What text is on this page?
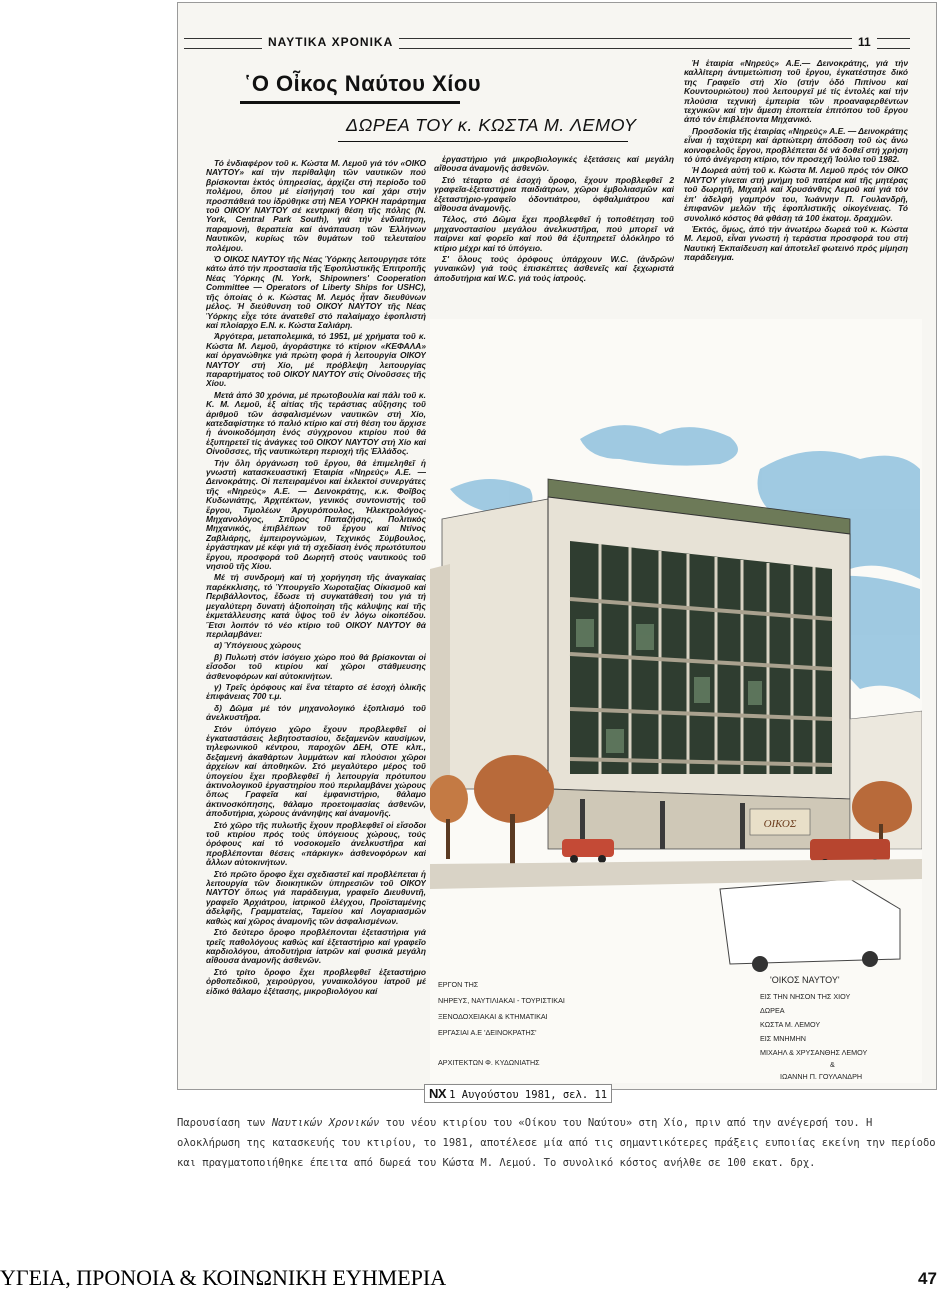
ΝΑΥΤΙΚΑ ΧΡΟΝΙΚΑ	11
῾Ο Οἶκος Ναύτου Χίου
ΔΩΡΕΑ ΤΟΥ κ. ΚΩΣΤΑ Μ. ΛΕΜΟΥ

Τό ἐνδιαφέρον τοῦ κ. Κώστα Μ. Λεμοῦ γιά τόν «ΟΙΚΟ ΝΑΥΤΟΥ» καί τήν περίθαλψη τῶν ναυτικῶν πού βρίσκονται ἐκτός ὑπηρεσίας, ἀρχίζει στή περίοδο τοῦ πολέμου, ὅπου μέ εἰσήγησή του καί χάρι στήν προσπάθειά του ἱδρύθηκε στή ΝΕΑ ΥΟΡΚΗ παράρτημα τοῦ ΟΙΚΟΥ ΝΑΥΤΟΥ σέ κεντρική θέση τῆς πόλης (Ν. York, Central Park South), γιά τήν ἐνδιαίτηση, παραμονή, θεραπεία καί ἀνάπαυση τῶν Ἑλλήνων Ναυτικῶν, κυρίως τῶν θυμάτων τοῦ τελευταίου πολέμου.

Ὁ ΟΙΚΟΣ ΝΑΥΤΟΥ τῆς Νέας Ὑόρκης λειτουργησε τότε κάτω ἀπό τήν προστασία τῆς Ἐφοπλιστικῆς Ἐπιτροπῆς Νέας Ὑόρκης (Ν. York, Shipowners' Cooperation Committee — Operators of Liberty Ships for USHC), τῆς ὁποίας ὁ κ. Κώστας Μ. Λεμός ἦταν διευθύνων μέλος. Ἡ διεύθυνση τοῦ ΟΙΚΟΥ ΝΑΥΤΟΥ τῆς Νέας Ὑόρκης εἶχε τότε ἀνατεθεῖ στό παλαίμαχο ἐφοπλιστή καί πλοίαρχο Ε.Ν. κ. Κώστα Σαλιάρη.

Ἀργότερα, μεταπολεμικά, τό 1951, μέ χρήματα τοῦ κ. Κώστα Μ. Λεμοῦ, ἀγοράστηκε τό κτίριον «ΚΕΦΑΛΑ» καί ὀργανώθηκε γιά πρώτη φορά ἡ λειτουργία ΟΙΚΟΥ ΝΑΥΤΟΥ στή Χίο, μέ πρόβλεψη λειτουργίας παραρτήματος τοῦ ΟΙΚΟΥ ΝΑΥΤΟΥ στίς Οἰνοῦσσες τῆς Χίου.

Μετά ἀπό 30 χρόνια, μέ πρωτοβουλία καί πάλι τοῦ κ. Κ. Μ. Λεμοῦ, ἐξ αἰτίας τῆς τεράστιας αὔξησης τοῦ ἀριθμοῦ τῶν ἀσφαλισμένων ναυτικῶν στή Χίο, κατεδαφίστηκε τό παλιό κτίριο καί στή θέση του ἄρχισε ἡ ἀνοικοδόμηση ἑνός σύγχρονου κτιρίου πού θά ἐξυπηρετεῖ τίς ἀνάγκες τοῦ ΟΙΚΟΥ ΝΑΥΤΟΥ στή Χίο καί Οἰνοῦσσες, τῆς ναυτικώτερη περιοχή τῆς Ἑλλάδος.

Τήν ὅλη ὀργάνωση τοῦ ἔργου, θά ἐπιμεληθεῖ ἡ γνωστή κατασκευαστική Ἑταιρία «Νηρεύς» Α.Ε. — Δεινοκράτης. Οἱ πεπειραμένοι καί ἐκλεκτοί συνεργάτες τῆς «Νηρεύς» Α.Ε. — Δεινοκράτης, κ.κ. Φοῖβος Κυδωνιάτης, Ἀρχιτέκτων, γενικός συντονιστής τοῦ ἔργου, Τιμολέων Ἀργυρόπουλος, Ἠλεκτρολόγος-Μηχανολόγος, Σπῦρος Παπαζήσης, Πολιτικός Μηχανικός, ἐπιβλέπων τοῦ ἔργου καί Ντίνος Ζαβλιάρης, ἐμπειρογνώμων, Τεχνικός Σύμβουλος, ἐργάστηκαν μέ κέφι γιά τή σχεδίαση ἑνός πρωτότυπου ἔργου, προσφορά τοῦ Δωρητῆ στούς ναυτικούς τοῦ νησιοῦ τῆς Χίου.

Μέ τή συνδρομή καί τή χορήγηση τῆς ἀναγκαίας παρέκκλισης, τό Ὑπουργεῖο Χωροταξίας Οἰκισμοῦ καί Περιβάλλοντος, ἔδωσε τή συγκατάθεσή του γιά τή μεγαλύτερη δυνατή ἀξιοποίηση τῆς κάλυψης καί τῆς ἐκμετάλλευσης κατά ὕψος τοῦ ἐν λόγω οἰκοπέδου. Ἔτσι λοιπόν τό νέο κτίριο τοῦ ΟΙΚΟΥ ΝΑΥΤΟΥ θά περιλαμβάνει:

α) Ὑπόγειους χώρους

β) Πυλωτή στόν ἰσόγειο χώρο πού θά βρίσκονται οἱ εἴσοδοι τοῦ κτιρίου καί χῶροι στάθμευσης ἀσθενοφόρων καί αὐτοκινήτων.

γ) Τρεῖς ὀρόφους καί ἕνα τέταρτο σέ ἐσοχή ὁλικῆς ἐπιφάνειας 700 τ.μ.

δ) Δῶμα μέ τόν μηχανολογικό ἐξοπλισμό τοῦ ἀνελκυστῆρα.

Στόν ὑπόγειο χῶρο ἔχουν προβλεφθεῖ οἱ ἐγκαταστάσεις λεβητοστασίου, δεξαμενῶν καυσίμων, τηλεφωνικοῦ κέντρου, παροχῶν ΔΕΗ, ΟΤΕ κλπ., δεξαμενή ἀκαθάρτων λυμμάτων καί πλούσιοι χῶροι ἀρχείων καί ἀποθηκῶν. Στό μεγαλύτερο μέρος τοῦ ὑπογείου ἔχει προβλεφθεῖ ἡ λειτουργία πρότυπου ἀκτινολογικοῦ ἐργαστηρίου πού περιλαμβάνει χώρους ὅπως Γραφεῖα καί ἐμφανιστήριο, θάλαμο ἀκτινοσκόπησης, θάλαμο προετοιμασίας ἀσθενῶν, ἀποδυτήρια, χώρους ἀνάνηψης καί ἀναμονῆς.

Στό χῶρο τῆς πυλωτῆς ἔχουν προβλεφθεῖ οἱ εἴσοδοι τοῦ κτιρίου πρός τούς ὑπόγειους χώρους, τούς ὀρόφους καί τό νοσοκομεῖο ἀνελκυστῆρα καί προβλέπονται θέσεις «πάρκιγκ» ἀσθενοφόρων καί ἄλλων αὐτοκινήτων.

Στό πρῶτο ὄροφο ἔχει σχεδιαστεῖ καί προβλέπεται ἡ λειτουργία τῶν διοικητικῶν ὑπηρεσιῶν τοῦ ΟΙΚΟΥ ΝΑΥΤΟΥ ὅπως γιά παράδειγμα, γραφεῖο Διευθυντῆ, γραφεῖο Ἀρχιάτρου, ἰατρικοῦ ἐλέγχου, Προϊσταμένης ἀδελφῆς, Γραμματείας, Ταμείου καί Λογαριασμῶν καθώς καί χῶρος ἀναμονῆς τῶν ἀσφαλισμένων.

Στό δεύτερο ὄροφο προβλέπονται ἐξεταστήρια γιά τρεῖς παθολόγους καθώς καί ἐξεταστήριο καί γραφεῖο καρδιολόγου, ἀποδυτήρια ἰατρῶν καί φυσικά μεγάλη αἴθουσα ἀναμονῆς ἀσθενῶν.

Στό τρίτο ὄροφο ἔχει προβλεφθεῖ ἐξεταστήριο ὀρθοπεδικοῦ, χειρούργου, γυναικολόγου ἰατροῦ μέ εἰδικό θάλαμο ἐξέτασης, μικροβιολόγου καί

ἐργαστήριο γιά μικροβιολογικές ἐξετάσεις καί μεγάλη αἴθουσα ἀναμονῆς ἀσθενῶν.

Στό τέταρτο σέ ἐσοχή ὄροφο, ἔχουν προβλεφθεῖ 2 γραφεῖα-ἐξεταστήρια παιδιάτρων, χῶροι ἐμβολιασμῶν καί ἐξεταστήριο-γραφεῖο ὀδοντιάτρου, ὀφθαλμιάτρου καί αἴθουσα ἀναμονῆς.

Τέλος, στό Δῶμα ἔχει προβλεφθεῖ ἡ τοποθέτηση τοῦ μηχανοστασίου μεγάλου ἀνελκυστῆρα, πού μπορεῖ νά παίρνει καί φορεῖο καί πού θά ἐξυπηρετεῖ ὁλόκληρο τό κτίριο μέχρι καί τό ὑπόγειο.

Σ' ὅλους τούς ὀρόφους ὑπάρχουν W.C. (ἀνδρῶν/γυναικῶν) γιά τούς ἐπισκέπτες ἀσθενεῖς καί ξεχωριστά ἀποδυτήρια καί W.C. γιά τούς ἰατρούς.

Ἡ ἑταιρία «Νηρεύς» Α.Ε.— Δεινοκράτης, γιά τήν καλλίτερη ἀντιμετώπιση τοῦ ἔργου, ἐγκατέστησε δικό της Γραφεῖο στή Χίο (στήν ὁδό Πιπίνου καί Κουντουριώτου) πού λειτουργεῖ μέ τίς ἐντολές καί τήν πλούσια τεχνική ἐμπειρία τῶν προαναφερθέντων τεχνικῶν καί τήν ἄμεση ἐποπτεία ἐπιτόπου τοῦ ἔργου ἀπό τόν ἐπιβλέποντα Μηχανικό.

Προσδοκία τῆς ἑταιρίας «Νηρεύς» Α.Ε. — Δεινοκράτης εἶναι ἡ ταχύτερη καί ἀρτιώτερη ἀπόδοση τοῦ ὡς ἄνω κοινοφελοῦς ἔργου, προβλέπεται δέ νά δοθεῖ στή χρήση τό ὑπό ἀνέγερση κτίριο, τόν προσεχῆ Ἰούλιο τοῦ 1982.

Ἡ Δωρεά αὐτή τοῦ κ. Κώστα Μ. Λεμοῦ πρός τόν ΟΙΚΟ ΝΑΥΤΟΥ γίνεται στή μνήμη τοῦ πατέρα καί τῆς μητέρας τοῦ δωρητῆ, Μιχαήλ καί Χρυσάνθης Λεμοῦ καί γιά τόν ἐπ' ἀδελφή γαμπρόν του, Ἰωάννην Π. Γουλανδρῆ, ἐπιφανῶν μελῶν τῆς ἐφοπλιστικῆς οἰκογένειας. Τό συνολικό κόστος θά φθάσῃ τά 100 ἑκατομ. δραχμῶν.

Ἐκτός, ὅμως, ἀπό τήν ἀνωτέρω δωρεά τοῦ κ. Κώστα Μ. Λεμοῦ, εἶναι γνωστή ἡ τεράστια προσφορά του στή Ναυτική Ἐκπαίδευση καί ἀποτελεῖ φωτεινό πρός μίμηση παράδειγμα.

ΟΙΚΟΣ
ΕΡΓΟΝ ΤΗΣ
ΝΗΡΕΥΣ, ΝΑΥΤΙΛΙΑΚΑΙ - ΤΟΥΡΙΣΤΙΚΑΙ
ΞΕΝΟΔΟΧΕΙΑΚΑΙ & ΚΤΗΜΑΤΙΚΑΙ
ΕΡΓΑΣΙΑΙ Α.Ε 'ΔΕΙΝΟΚΡΑΤΗΣ'
ΑΡΧΙΤΕΚΤΩΝ Φ. ΚΥΔΩΝΙΑΤΗΣ
'ΟΙΚΟΣ ΝΑΥΤΟΥ'
ΕΙΣ ΤΗΝ ΝΗΣΟΝ ΤΗΣ ΧΙΟΥ
ΔΩΡΕΑ
ΚΩΣΤΑ Μ. ΛΕΜΟΥ
ΕΙΣ ΜΝΗΜΗΝ
ΜΙΧΑΗΛ & ΧΡΥΣΑΝΘΗΣ ΛΕΜΟΥ
&
ΙΩΑΝΝΗ Π. ΓΟΥΛΑΝΔΡΗ
NX 1 Αυγούστου 1981, σελ. 11
Παρουσίαση των Ναυτικών Χρονικών του νέου κτιρίου του «Οίκου του Ναύτου» στη Χίο, πριν από την ανέγερσή του. Η ολοκλήρωση της κατασκευής του κτιρίου, το 1981, αποτέλεσε μία από τις σημαντικότερες πράξεις ευποιίας εκείνη την περίοδο και πραγματοποιήθηκε έπειτα από δωρεά του Κώστα Μ. Λεμού. Το συνολικό κόστος ανήλθε σε 100 εκατ. δρχ.
ΥΓΕΙΑ, ΠΡΟΝΟΙΑ & ΚΟΙΝΩΝΙΚΗ ΕΥΗΜΕΡΙΑ	47
